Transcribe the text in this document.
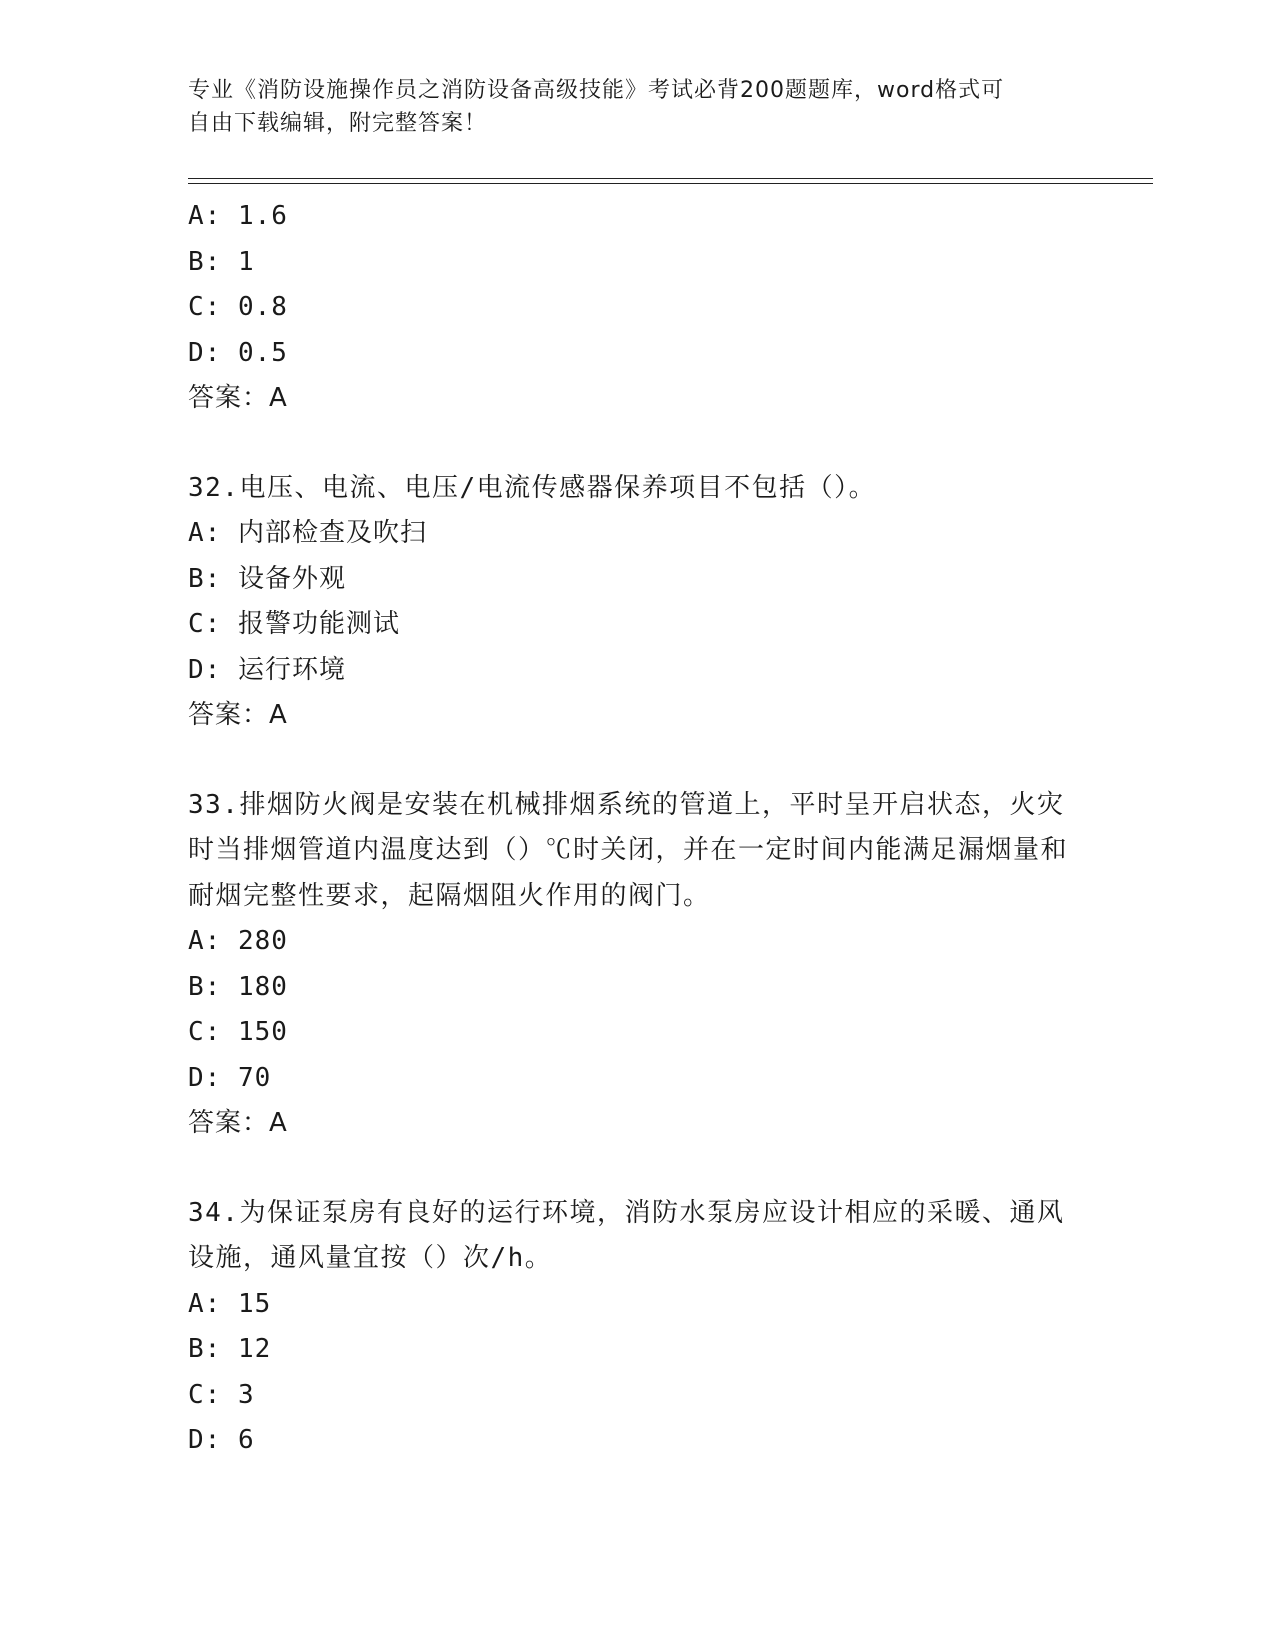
专业《消防设施操作员之消防设备高级技能》考试必背200题题库，word格式可
自由下载编辑，附完整答案！
A: 1.6
B: 1
C: 0.8
D: 0.5
答案：A
32.电压、电流、电压/电流传感器保养项目不包括（）。
A: 内部检查及吹扫
B: 设备外观
C: 报警功能测试
D: 运行环境
答案：A
33.排烟防火阀是安装在机械排烟系统的管道上，平时呈开启状态，火灾时当排烟管道内温度达到（）℃时关闭，并在一定时间内能满足漏烟量和耐烟完整性要求，起隔烟阻火作用的阀门。
A: 280
B: 180
C: 150
D: 70
答案：A
34.为保证泵房有良好的运行环境，消防水泵房应设计相应的采暖、通风设施，通风量宜按（）次/h。
A: 15
B: 12
C: 3
D: 6
